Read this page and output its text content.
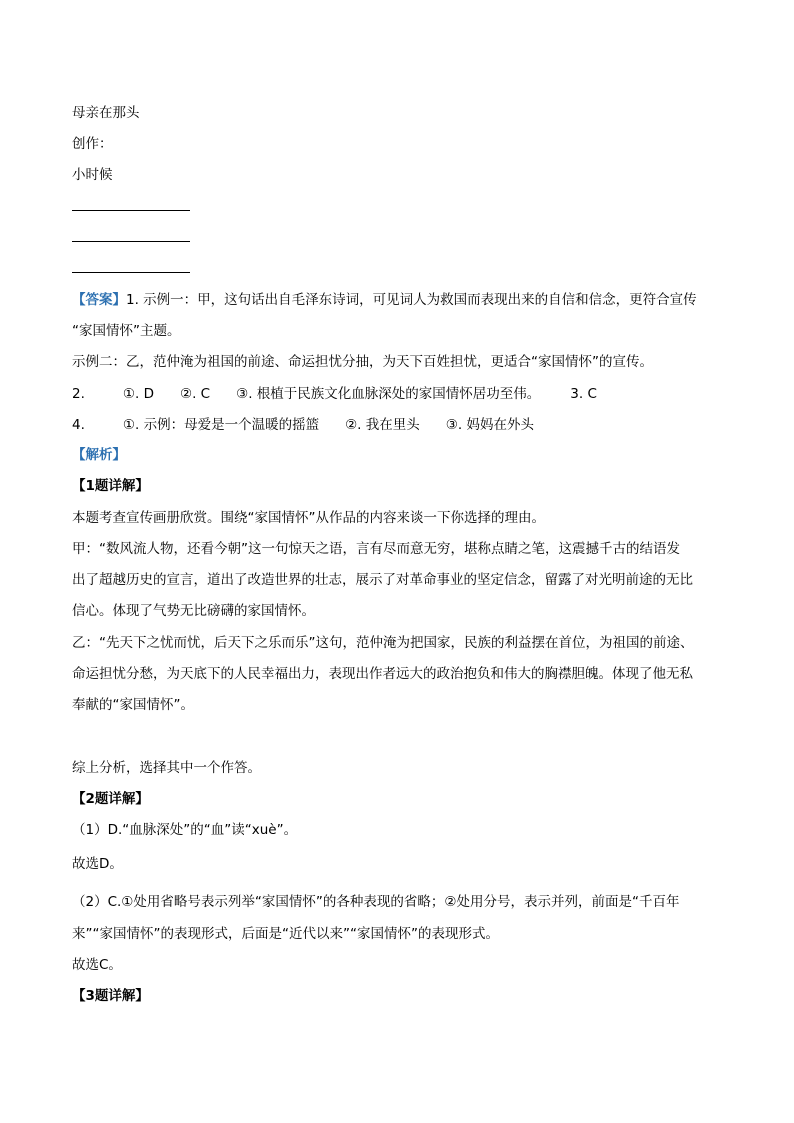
母亲在那头
创作：
小时候
【答案】1. 示例一：甲，这句话出自毛泽东诗词，可见词人为救国而表现出来的自信和信念，更符合宣传
“家国情怀”主题。
示例二：乙，范仲淹为祖国的前途、命运担忧分抽，为天下百姓担忧，更适合“家国情怀”的宣传。
2.	①. D ②. C ③. 根植于民族文化血脉深处的家国情怀居功至伟。 3. C
4.	①. 示例：母爱是一个温暖的摇篮 ②. 我在里头 ③. 妈妈在外头
【解析】
【1题详解】
本题考查宣传画册欣赏。围绕“家国情怀”从作品的内容来谈一下你选择的理由。
甲：“数风流人物，还看今朝”这一句惊天之语，言有尽而意无穷，堪称点睛之笔，这震撼千古的结语发
出了超越历史的宣言，道出了改造世界的壮志，展示了对革命事业的坚定信念，留露了对光明前途的无比
信心。体现了气势无比磅礴的家国情怀。
乙：“先天下之忧而忧，后天下之乐而乐”这句，范仲淹为把国家，民族的利益摆在首位，为祖国的前途、
命运担忧分愁，为天底下的人民幸福出力，表现出作者远大的政治抱负和伟大的胸襟胆魄。体现了他无私
奉献的“家国情怀”。
综上分析，选择其中一个作答。
【2题详解】
（1）D.“血脉深处”的“血”读“xuè”。
故选D。
（2）C.①处用省略号表示列举“家国情怀”的各种表现的省略；②处用分号，表示并列，前面是“千百年
来”“家国情怀”的表现形式，后面是“近代以来”“家国情怀”的表现形式。
故选C。
【3题详解】
